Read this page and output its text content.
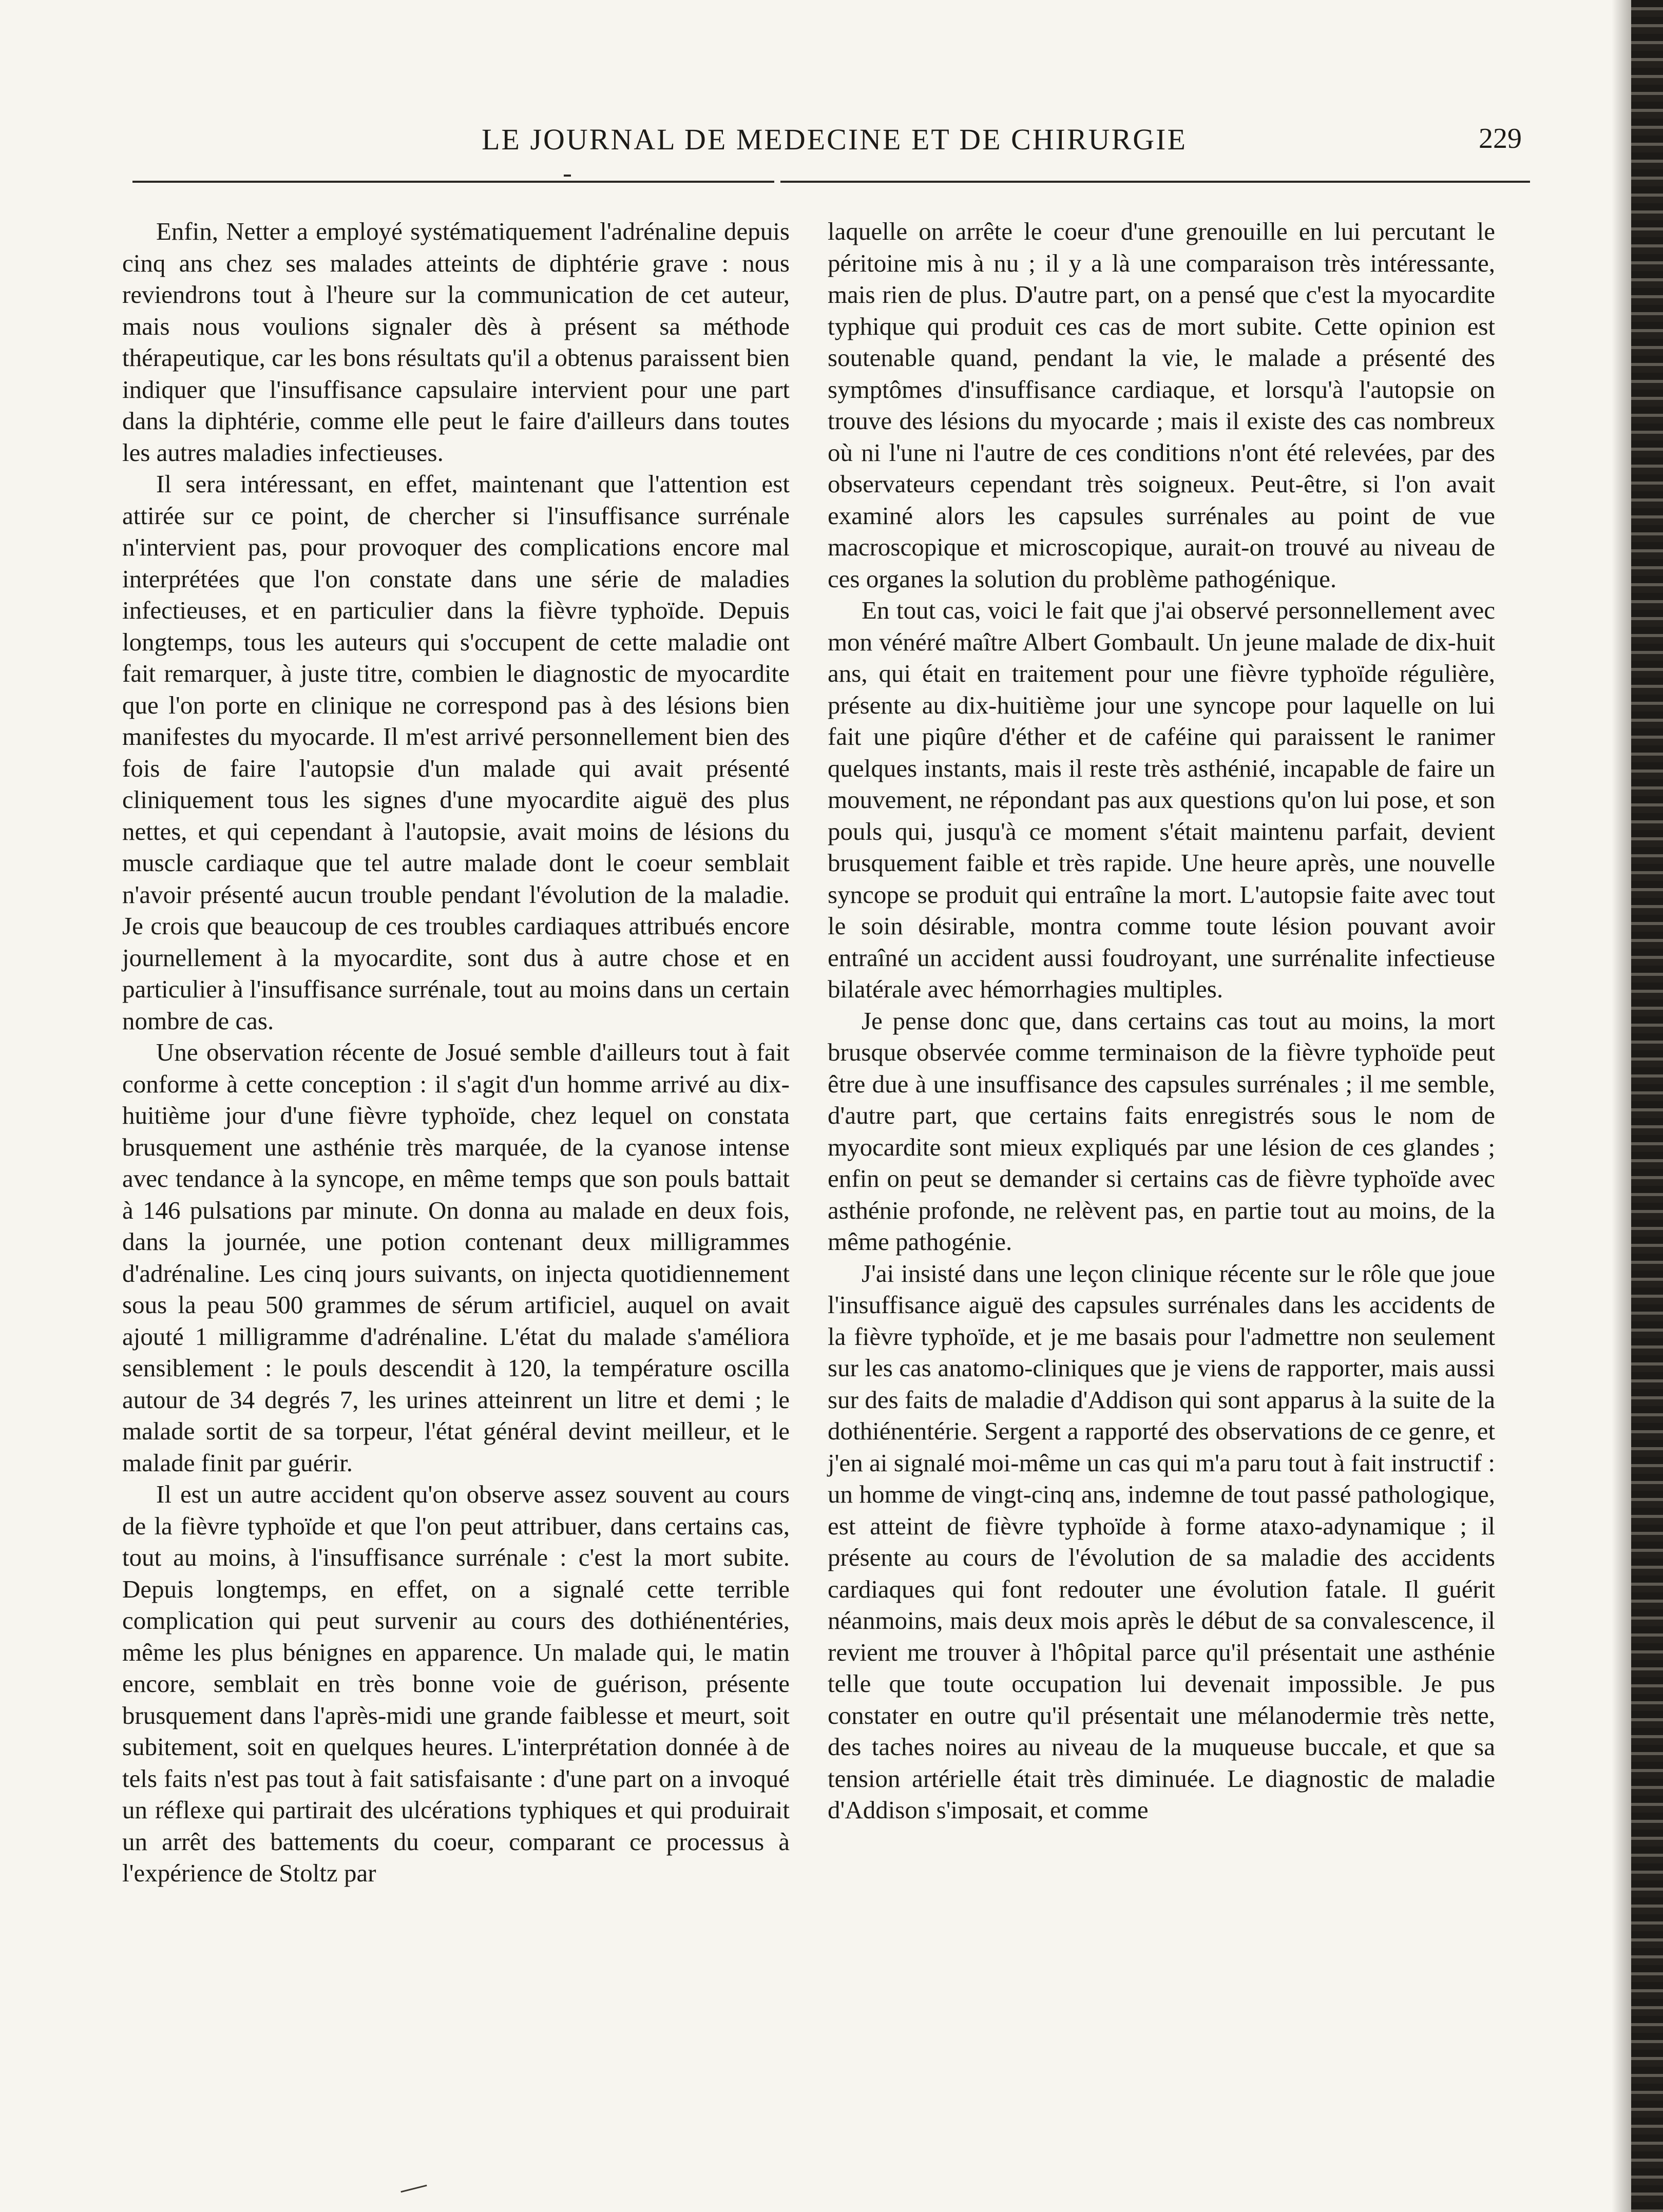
LE JOURNAL DE MEDECINE ET DE CHIRURGIE	229

Enfin, Netter a employé systématiquement l'adrénaline depuis cinq ans chez ses malades atteints de diphtérie grave : nous reviendrons tout à l'heure sur la communication de cet auteur, mais nous voulions signaler dès à présent sa méthode thérapeutique, car les bons résultats qu'il a obtenus paraissent bien indiquer que l'insuffisance capsulaire intervient pour une part dans la diphtérie, comme elle peut le faire d'ailleurs dans toutes les autres maladies infectieuses.

Il sera intéressant, en effet, maintenant que l'attention est attirée sur ce point, de chercher si l'insuffisance surrénale n'intervient pas, pour provoquer des complications encore mal interprétées que l'on constate dans une série de maladies infectieuses, et en particulier dans la fièvre typhoïde. Depuis longtemps, tous les auteurs qui s'occupent de cette maladie ont fait remarquer, à juste titre, combien le diagnostic de myocardite que l'on porte en clinique ne correspond pas à des lésions bien manifestes du myocarde. Il m'est arrivé personnellement bien des fois de faire l'autopsie d'un malade qui avait présenté cliniquement tous les signes d'une myocardite aiguë des plus nettes, et qui cependant à l'autopsie, avait moins de lésions du muscle cardiaque que tel autre malade dont le coeur semblait n'avoir présenté aucun trouble pendant l'évolution de la maladie. Je crois que beaucoup de ces troubles cardiaques attribués encore journellement à la myocardite, sont dus à autre chose et en particulier à l'insuffisance surrénale, tout au moins dans un certain nombre de cas.

Une observation récente de Josué semble d'ailleurs tout à fait conforme à cette conception : il s'agit d'un homme arrivé au dix-huitième jour d'une fièvre typhoïde, chez lequel on constata brusquement une asthénie très marquée, de la cyanose intense avec tendance à la syncope, en même temps que son pouls battait à 146 pulsations par minute. On donna au malade en deux fois, dans la journée, une potion contenant deux milligrammes d'adrénaline. Les cinq jours suivants, on injecta quotidiennement sous la peau 500 grammes de sérum artificiel, auquel on avait ajouté 1 milligramme d'adrénaline. L'état du malade s'améliora sensiblement : le pouls descendit à 120, la température oscilla autour de 34 degrés 7, les urines atteinrent un litre et demi ; le malade sortit de sa torpeur, l'état général devint meilleur, et le malade finit par guérir.

Il est un autre accident qu'on observe assez souvent au cours de la fièvre typhoïde et que l'on peut attribuer, dans certains cas, tout au moins, à l'insuffisance surrénale : c'est la mort subite. Depuis longtemps, en effet, on a signalé cette terrible complication qui peut survenir au cours des dothiénentéries, même les plus bénignes en apparence. Un malade qui, le matin encore, semblait en très bonne voie de guérison, présente brusquement dans l'après-midi une grande faiblesse et meurt, soit subitement, soit en quelques heures. L'interprétation donnée à de tels faits n'est pas tout à fait satisfaisante : d'une part on a invoqué un réflexe qui partirait des ulcérations typhiques et qui produirait un arrêt des battements du coeur, comparant ce processus à l'expérience de Stoltz par

laquelle on arrête le coeur d'une grenouille en lui percutant le péritoine mis à nu ; il y a là une comparaison très intéressante, mais rien de plus. D'autre part, on a pensé que c'est la myocardite typhique qui produit ces cas de mort subite. Cette opinion est soutenable quand, pendant la vie, le malade a présenté des symptômes d'insuffisance cardiaque, et lorsqu'à l'autopsie on trouve des lésions du myocarde ; mais il existe des cas nombreux où ni l'une ni l'autre de ces conditions n'ont été relevées, par des observateurs cependant très soigneux. Peut-être, si l'on avait examiné alors les capsules surrénales au point de vue macroscopique et microscopique, aurait-on trouvé au niveau de ces organes la solution du problème pathogénique.

En tout cas, voici le fait que j'ai observé personnellement avec mon vénéré maître Albert Gombault. Un jeune malade de dix-huit ans, qui était en traitement pour une fièvre typhoïde régulière, présente au dix-huitième jour une syncope pour laquelle on lui fait une piqûre d'éther et de caféine qui paraissent le ranimer quelques instants, mais il reste très asthénié, incapable de faire un mouvement, ne répondant pas aux questions qu'on lui pose, et son pouls qui, jusqu'à ce moment s'était maintenu parfait, devient brusquement faible et très rapide. Une heure après, une nouvelle syncope se produit qui entraîne la mort. L'autopsie faite avec tout le soin désirable, montra comme toute lésion pouvant avoir entraîné un accident aussi foudroyant, une surrénalite infectieuse bilatérale avec hémorrhagies multiples.

Je pense donc que, dans certains cas tout au moins, la mort brusque observée comme terminaison de la fièvre typhoïde peut être due à une insuffisance des capsules surrénales ; il me semble, d'autre part, que certains faits enregistrés sous le nom de myocardite sont mieux expliqués par une lésion de ces glandes ; enfin on peut se demander si certains cas de fièvre typhoïde avec asthénie profonde, ne relèvent pas, en partie tout au moins, de la même pathogénie.

J'ai insisté dans une leçon clinique récente sur le rôle que joue l'insuffisance aiguë des capsules surrénales dans les accidents de la fièvre typhoïde, et je me basais pour l'admettre non seulement sur les cas anatomo-cliniques que je viens de rapporter, mais aussi sur des faits de maladie d'Addison qui sont apparus à la suite de la dothiénentérie. Sergent a rapporté des observations de ce genre, et j'en ai signalé moi-même un cas qui m'a paru tout à fait instructif : un homme de vingt-cinq ans, indemne de tout passé pathologique, est atteint de fièvre typhoïde à forme ataxo-adynamique ; il présente au cours de l'évolution de sa maladie des accidents cardiaques qui font redouter une évolution fatale. Il guérit néanmoins, mais deux mois après le début de sa convalescence, il revient me trouver à l'hôpital parce qu'il présentait une asthénie telle que toute occupation lui devenait impossible. Je pus constater en outre qu'il présentait une mélanodermie très nette, des taches noires au niveau de la muqueuse buccale, et que sa tension artérielle était très diminuée. Le diagnostic de maladie d'Addison s'imposait, et comme
